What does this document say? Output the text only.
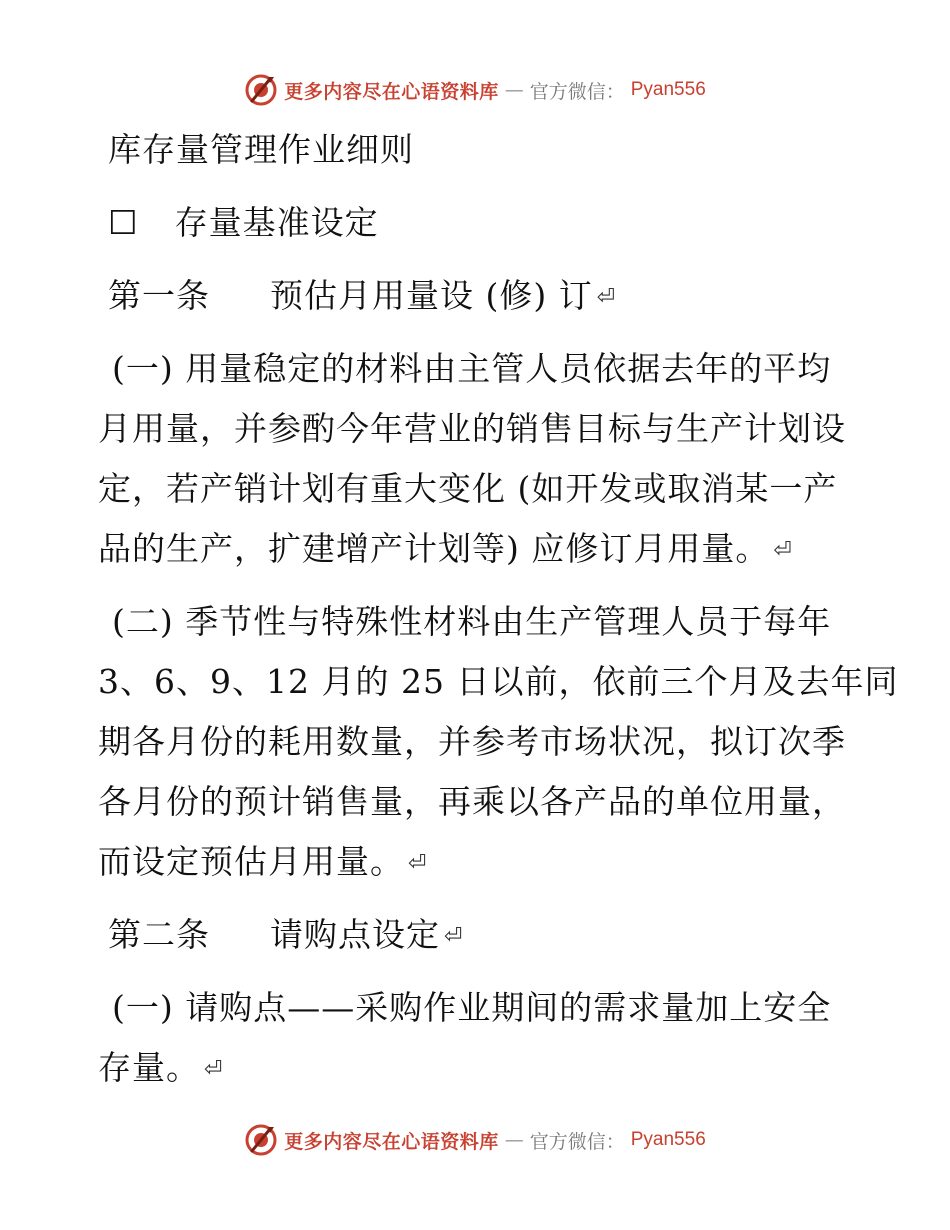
更多内容尽在心语资料库 — 官方微信： Pyan556
库存量管理作业细则
☐ 存量基准设定
第一条 预估月用量设 (修) 订 ⏎
(一) 用量稳定的材料由主管人员依据去年的平均
月用量，并参酌今年营业的销售目标与生产计划设
定，若产销计划有重大变化 (如开发或取消某一产
品的生产，扩建增产计划等) 应修订月用量。 ⏎
(二) 季节性与特殊性材料由生产管理人员于每年
3、6、9、12 月的 25 日以前，依前三个月及去年同
期各月份的耗用数量，并参考市场状况，拟订次季
各月份的预计销售量，再乘以各产品的单位用量，
而设定预估月用量。 ⏎
第二条 请购点设定 ⏎
(一) 请购点——采购作业期间的需求量加上安全
存量。 ⏎
更多内容尽在心语资料库 — 官方微信： Pyan556
